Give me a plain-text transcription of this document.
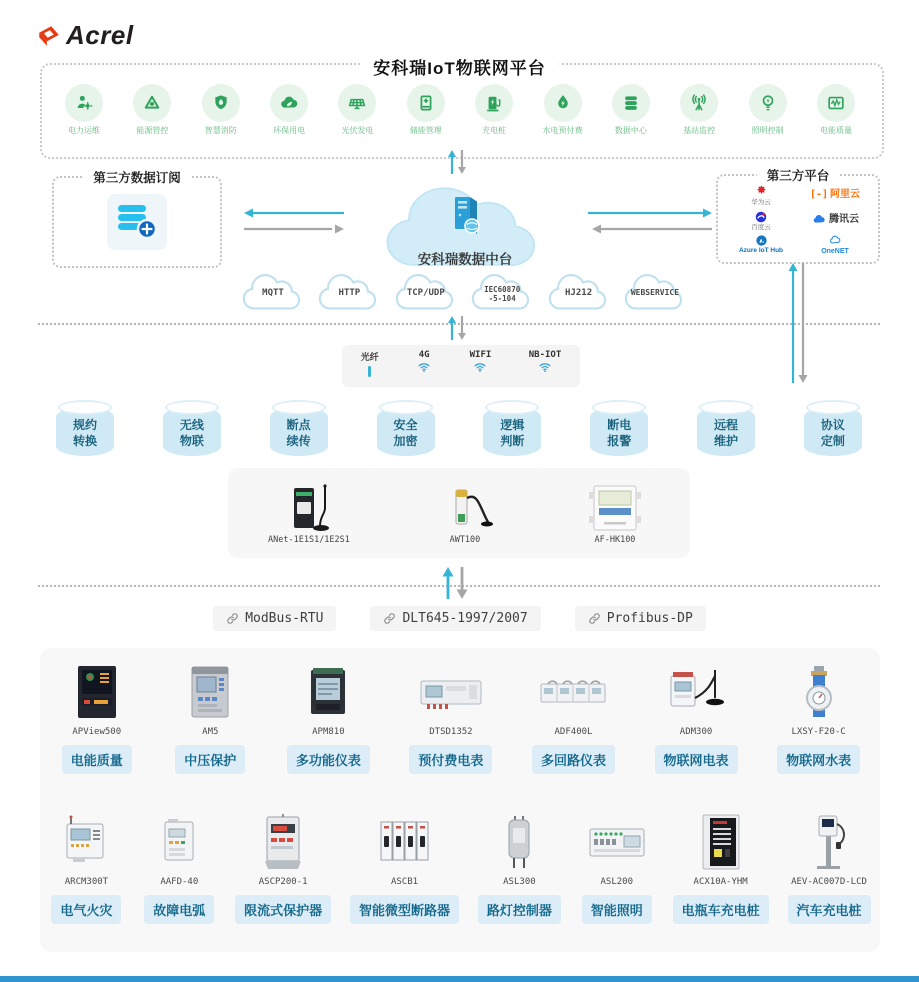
Acrel
安科瑞IoT物联网平台
电力运维	能源管控	智慧消防	环保用电	光伏发电	储能管理	充电桩	水电预付费	数据中心	基站监控	照明控制	电能质量
第三方数据订阅
安科瑞数据中台
第三方平台
华为云
[-] 阿里云
百度云
腾讯云
Azure IoT Hub	OneNET
MQTT	HTTP	TCP/UDP	IEC60870
-5-104
HJ212	WEBSERVICE
光纤	4G	WIFI	NB-IOT
规约
转换
无线
物联
断点
续传
安全
加密
逻辑
判断
断电
报警
远程
维护
协议
定制
ANet-1E1S1/1E2S1	AWT100	AF-HK100
ModBus-RTU	DLT645-1997/2007	Profibus-DP
APView500
电能质量
AM5
中压保护
APM810
多功能仪表
DTSD1352
预付费电表
ADF400L
多回路仪表
ADM300
物联网电表
LXSY-F20-C
物联网水表
ARCM300T
电气火灾
AAFD-40
故障电弧
ASCP200-1
限流式保护器
ASCB1
智能微型断路器
ASL300
路灯控制器
ASL200
智能照明
ACX10A-YHM
电瓶车充电桩
AEV-AC007D-LCD
汽车充电桩
